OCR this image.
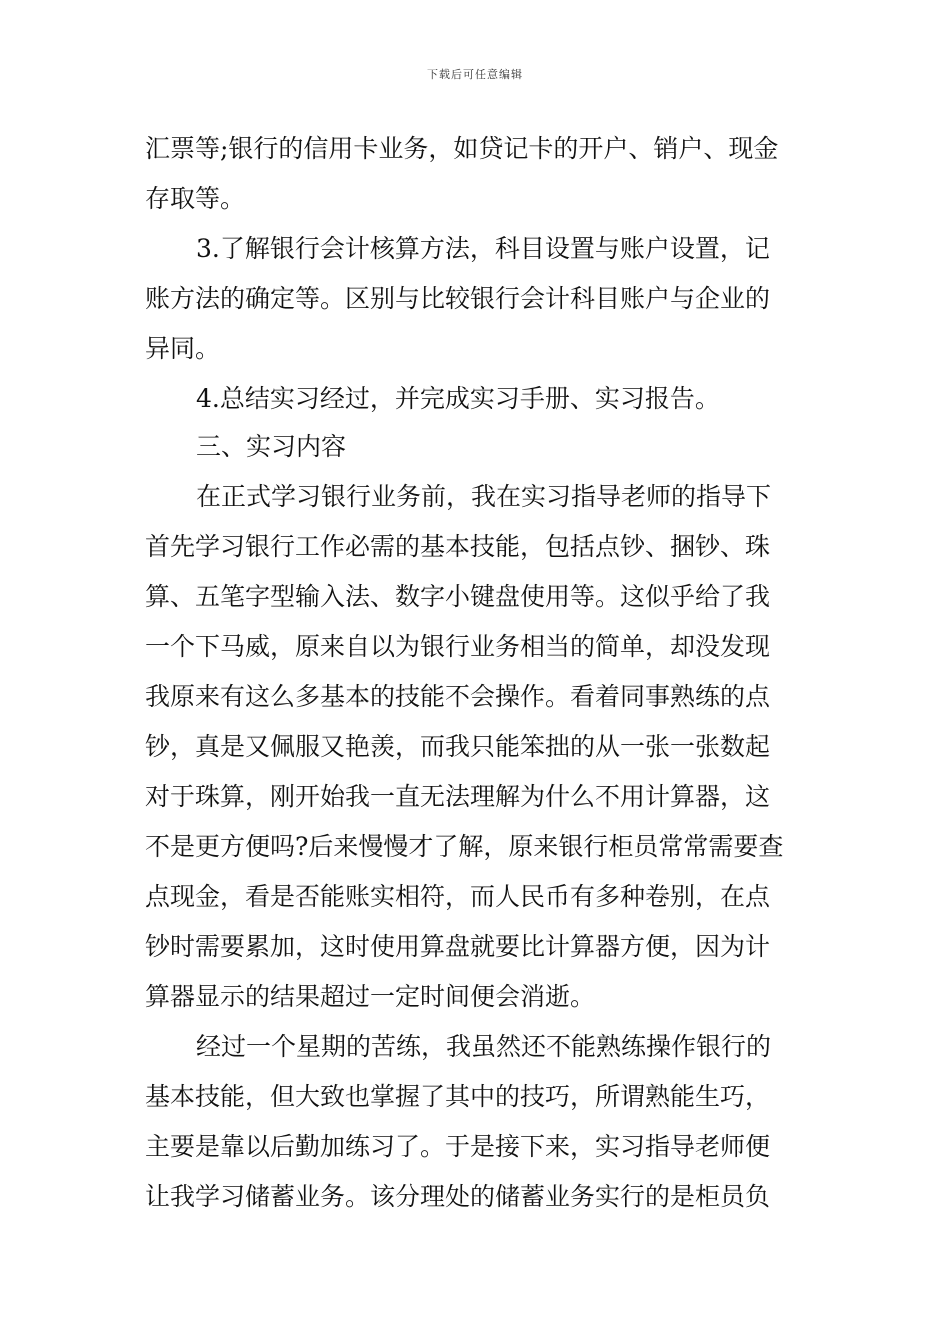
下载后可任意编辑
汇票等;银行的信用卡业务，如贷记卡的开户、销户、现金
存取等。
3.了解银行会计核算方法，科目设置与账户设置，记
账方法的确定等。区别与比较银行会计科目账户与企业的
异同。
4.总结实习经过，并完成实习手册、实习报告。
三、实习内容
在正式学习银行业务前，我在实习指导老师的指导下
首先学习银行工作必需的基本技能，包括点钞、捆钞、珠
算、五笔字型输入法、数字小键盘使用等。这似乎给了我
一个下马威，原来自以为银行业务相当的简单，却没发现
我原来有这么多基本的技能不会操作。看着同事熟练的点
钞，真是又佩服又艳羡，而我只能笨拙的从一张一张数起
对于珠算，刚开始我一直无法理解为什么不用计算器，这
不是更方便吗?后来慢慢才了解，原来银行柜员常常需要查
点现金，看是否能账实相符，而人民币有多种卷别，在点
钞时需要累加，这时使用算盘就要比计算器方便，因为计
算器显示的结果超过一定时间便会消逝。
经过一个星期的苦练，我虽然还不能熟练操作银行的
基本技能，但大致也掌握了其中的技巧，所谓熟能生巧，
主要是靠以后勤加练习了。于是接下来，实习指导老师便
让我学习储蓄业务。该分理处的储蓄业务实行的是柜员负
